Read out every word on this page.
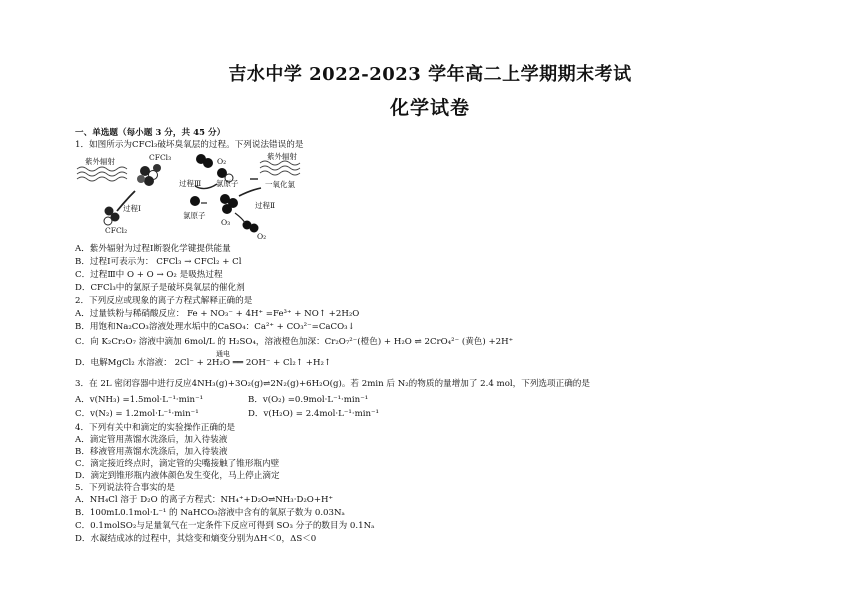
吉水中学 2022-2023 学年高二上学期期末考试
化学试卷
一、单选题（每小题 3 分，共 45 分）
1．如图所示为CFCl₃破坏臭氧层的过程。下列说法错误的是
紫外辐射	CFCl₃	O₂
过程Ⅲ 氯原子
紫外辐射
一氧化氯
过程Ⅰ
CFCl₂
氯原子
O₃
过程Ⅱ
O₂
A．紫外辐射为过程Ⅰ断裂化学键提供能量
B．过程Ⅰ可表示为： CFCl₃ → CFCl₂ + Cl
C．过程Ⅲ中 O + O → O₂ 是吸热过程
D．CFCl₃中的氯原子是破坏臭氧层的催化剂
2．下列反应或现象的离子方程式解释正确的是
A．过量铁粉与稀硝酸反应： Fe + NO₃⁻ + 4H⁺ =Fe³⁺ + NO↑ +2H₂O
B．用饱和Na₂CO₃溶液处理水垢中的CaSO₄：Ca²⁺ + CO₃²⁻=CaCO₃↓
C．向 K₂Cr₂O₇ 溶液中滴加 6mol/L 的 H₂SO₄，溶液橙色加深：Cr₂O₇²⁻(橙色) + H₂O ⇌ 2CrO₄²⁻ (黄色) +2H⁺
通电
D．电解MgCl₂ 水溶液： 2Cl⁻ + 2H₂O ══ 2OH⁻ + Cl₂↑ +H₂↑
3．在 2L 密闭容器中进行反应4NH₃(g)+3O₂(g)⇌2N₂(g)+6H₂O(g)。若 2min 后 N₂的物质的量增加了 2.4 mol，下列选项正确的是
A．v(NH₃) =1.5mol·L⁻¹·min⁻¹	B．v(O₂) =0.9mol·L⁻¹·min⁻¹
C．v(N₂) = 1.2mol·L⁻¹·min⁻¹	D．v(H₂O) = 2.4mol·L⁻¹·min⁻¹
4．下列有关中和滴定的实验操作正确的是
A．滴定管用蒸馏水洗涤后，加入待装液
B．移液管用蒸馏水洗涤后，加入待装液
C．滴定接近终点时，滴定管的尖嘴接触了锥形瓶内壁
D．滴定到锥形瓶内液体颜色发生变化，马上停止滴定
5．下列说法符合事实的是
A．NH₄Cl 溶于 D₂O 的离子方程式：NH₄⁺+D₂O⇌NH₃·D₂O+H⁺
B．100mL0.1mol·L⁻¹ 的 NaHCO₃溶液中含有的氧原子数为 0.03Nₐ
C．0.1molSO₂与足量氧气在一定条件下反应可得到 SO₃ 分子的数目为 0.1Nₐ
D．水凝结成冰的过程中，其焓变和熵变分别为ΔH＜0，ΔS＜0
